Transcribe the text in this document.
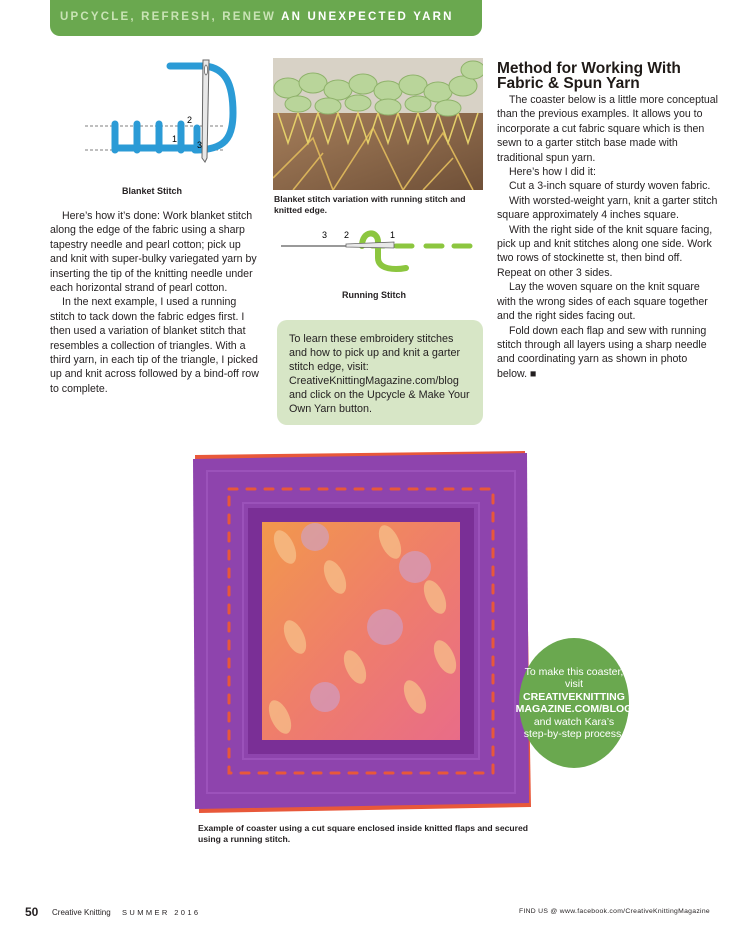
UPCYCLE, REFRESH, RENEW AN UNEXPECTED YARN
2
1
3
Blanket Stitch
Blanket stitch variation with running stitch and knitted edge.
3 2	1
Running Stitch

Here’s how it’s done: Work blanket stitch along the edge of the fabric using a sharp tapestry needle and pearl cotton; pick up and knit with super-bulky variegated yarn by inserting the tip of the knitting needle under each horizontal strand of pearl cotton.

In the next example, I used a running stitch to tack down the fabric edges first. I then used a variation of blanket stitch that resembles a collection of triangles. With a third yarn, in each tip of the triangle, I picked up and knit across followed by a bind-off row to complete.

To learn these embroidery stitches and how to pick up and knit a garter stitch edge, visit: CreativeKnittingMagazine.com/blog and click on the Upcycle & Make Your Own Yarn button.
Method for Working With Fabric & Spun Yarn

The coaster below is a little more conceptual than the previous examples. It allows you to incorporate a cut fabric square which is then sewn to a garter stitch base made with traditional spun yarn.

Here’s how I did it:

Cut a 3-inch square of sturdy woven fabric.

With worsted-weight yarn, knit a garter stitch square approximately 4 inches square.

With the right side of the knit square facing, pick up and knit stitches along one side. Work two rows of stockinette st, then bind off. Repeat on other 3 sides.

Lay the woven square on the knit square with the wrong sides of each square together and the right sides facing out.

Fold down each flap and sew with running stitch through all layers using a sharp needle and coordinating yarn as shown in photo below. ■

Example of coaster using a cut square enclosed inside knitted flaps and secured using a running stitch.
To make this coaster, visit
CREATIVEKNITTING MAGAZINE.COM/BLOG
and watch Kara’s step-by-step process.
50 Creative Knitting SUMMER 2016	FIND US @ www.facebook.com/CreativeKnittingMagazine
